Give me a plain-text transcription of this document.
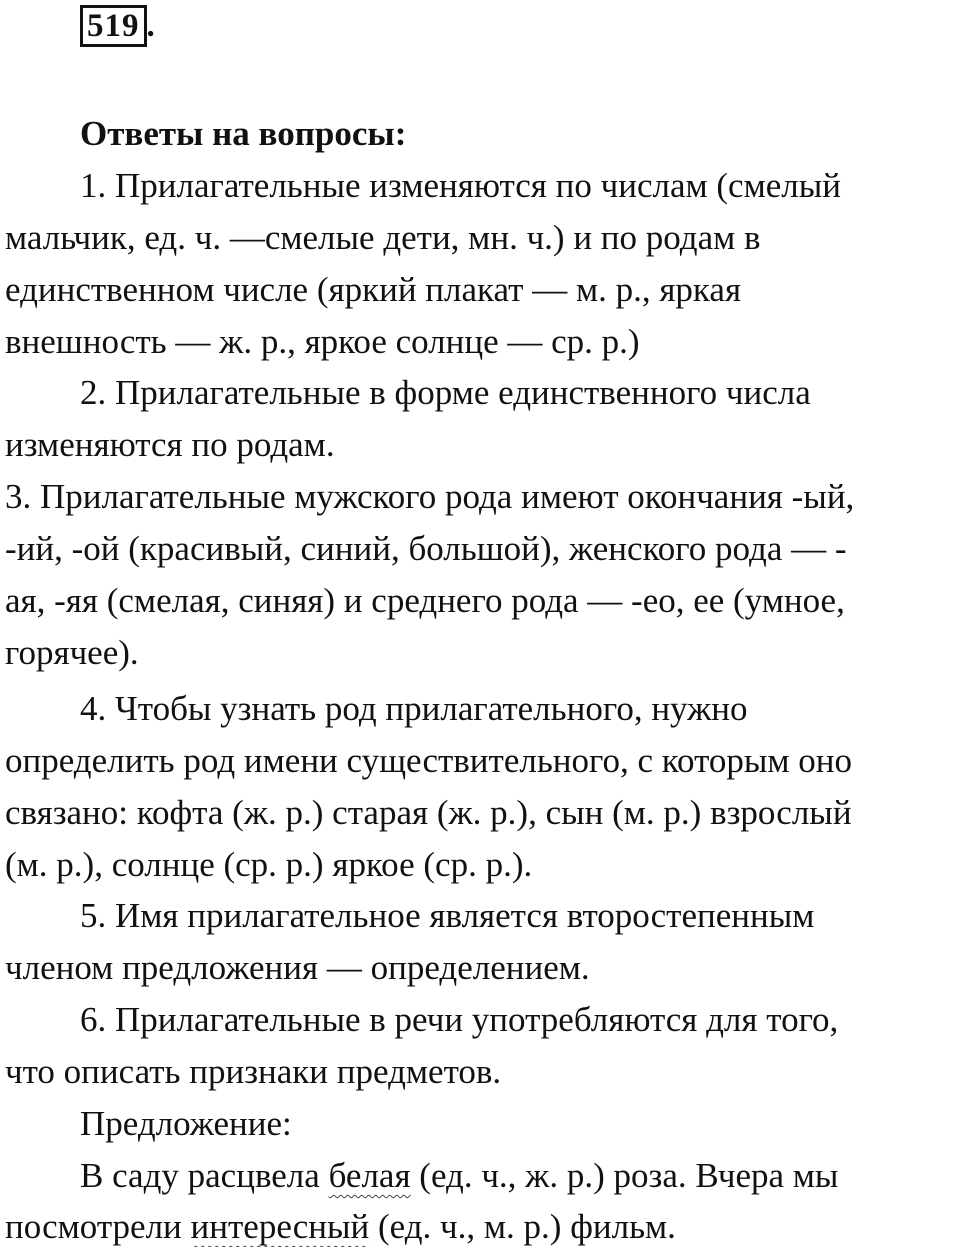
519 .
Ответы на вопросы:
1. Прилагательные изменяются по числам (смелый
мальчик, ед. ч. —смелые дети, мн. ч.) и по родам в
единственном числе (яркий плакат — м. р., яркая
внешность — ж. р., яркое солнце — ср. р.)
2. Прилагательные в форме единственного числа
изменяются по родам.
3. Прилагательные мужского рода имеют окончания -ый,
-ий, -ой (красивый, синий, большой), женского рода — -
ая, -яя (смелая, синяя) и среднего рода — -ео, ее (умное,
горячее).
4. Чтобы узнать род прилагательного, нужно
определить род имени существительного, с которым оно
связано: кофта (ж. р.) старая (ж. р.), сын (м. р.) взрослый
(м. р.), солнце (ср. р.) яркое (ср. р.).
5. Имя прилагательное является второстепенным
членом предложения — определением.
6. Прилагательные в речи употребляются для того,
что описать признаки предметов.
Предложение:
В саду расцвела белая (ед. ч., ж. р.) роза. Вчера мы
посмотрели интересный (ед. ч., м. р.) фильм.
